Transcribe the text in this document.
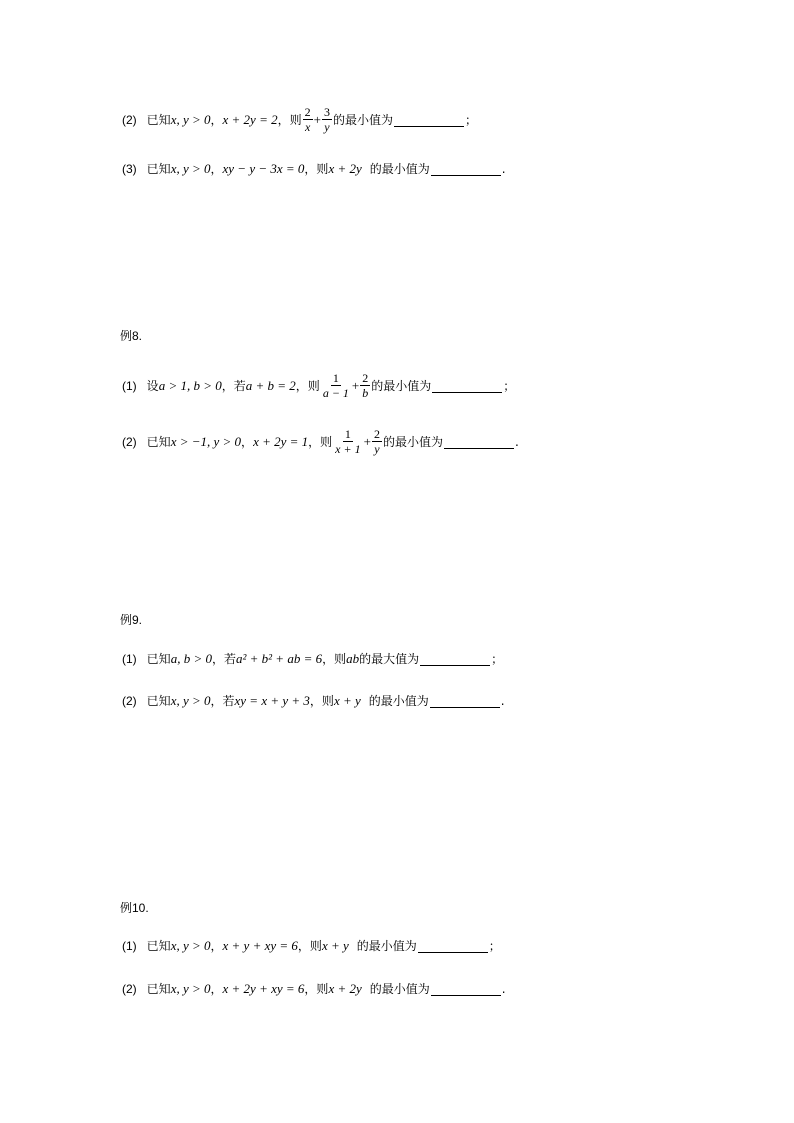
(2) 已知 x, y > 0 ， x + 2y = 2 ，则 $\frac{2}{x} + \frac{3}{y}$ 的最小值为	；
(3) 已知 x, y > 0 ， xy − y − 3x = 0 ，则 x + 2y 的最小值为	.
例8.
(1) 设 a > 1, b > 0 ，若 a + b = 2 ，则 $\frac{1}{a - 1} + \frac{2}{b}$ 的最小值为	；
(2) 已知 x > −1, y > 0 ， x + 2y = 1 ，则 $\frac{1}{x + 1} + \frac{2}{y}$ 的最小值为	.
例9.
(1) 已知 a, b > 0 ，若 a² + b² + ab = 6 ，则 ab 的最大值为	；
(2) 已知 x, y > 0 ，若 xy = x + y + 3 ，则 x + y 的最小值为	.
例10.
(1) 已知 x, y > 0 ， x + y + xy = 6 ，则 x + y 的最小值为	；
(2) 已知 x, y > 0 ， x + 2y + xy = 6 ，则 x + 2y 的最小值为	.
